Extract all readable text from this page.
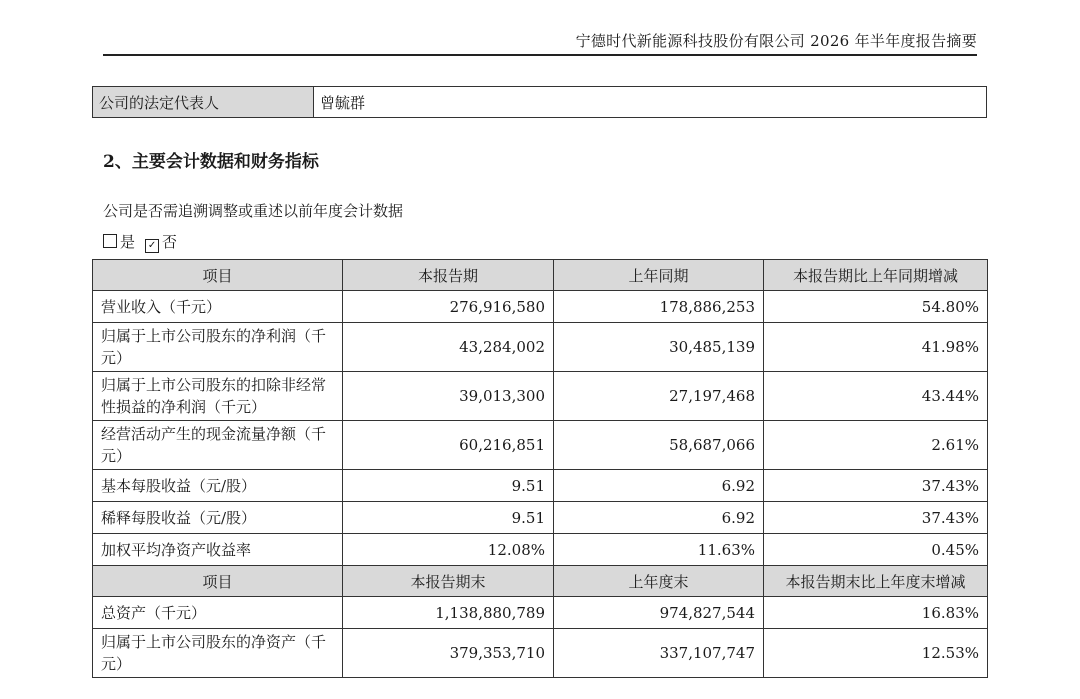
宁德时代新能源科技股份有限公司 2026 年半年度报告摘要
公司的法定代表人	曾毓群
2、主要会计数据和财务指标
公司是否需追溯调整或重述以前年度会计数据
是 ✓ 否
项目	本报告期	上年同期	本报告期比上年同期增减
营业收入（千元）	276,916,580	178,886,253	54.80%
归属于上市公司股东的净利润（千元）	43,284,002	30,485,139	41.98%
归属于上市公司股东的扣除非经常性损益的净利润（千元）	39,013,300	27,197,468	43.44%
经营活动产生的现金流量净额（千元）	60,216,851	58,687,066	2.61%
基本每股收益（元/股）	9.51	6.92	37.43%
稀释每股收益（元/股）	9.51	6.92	37.43%
加权平均净资产收益率	12.08%	11.63%	0.45%
项目	本报告期末	上年度末	本报告期末比上年度末增减
总资产（千元）	1,138,880,789	974,827,544	16.83%
归属于上市公司股东的净资产（千元）	379,353,710	337,107,747	12.53%
